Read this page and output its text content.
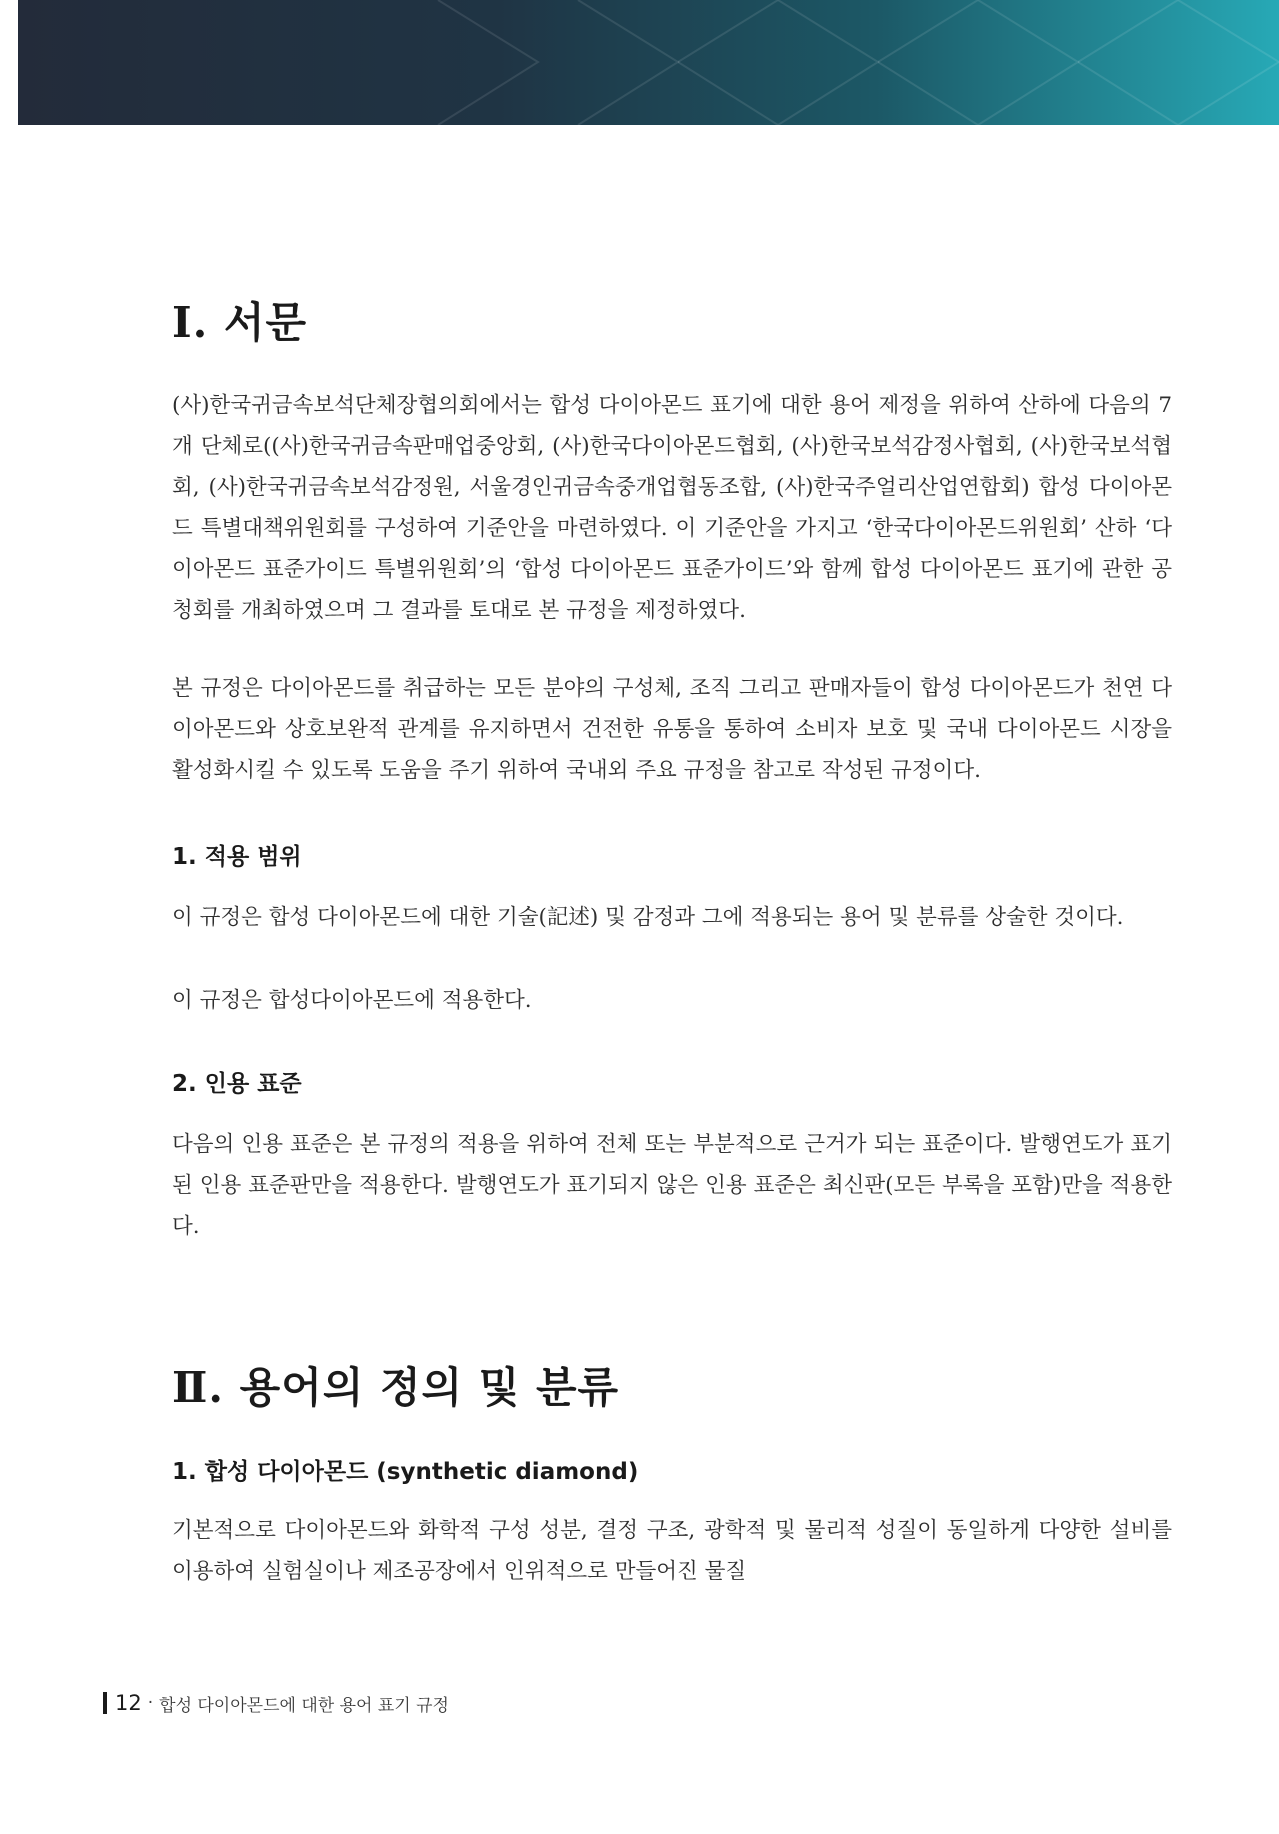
Ⅰ. 서문

(사)한국귀금속보석단체장협의회에서는 합성 다이아몬드 표기에 대한 용어 제정을 위하여 산하에 다음의 7개 단체로((사)한국귀금속판매업중앙회, (사)한국다이아몬드협회, (사)한국보석감정사협회, (사)한국보석협회, (사)한국귀금속보석감정원, 서울경인귀금속중개업협동조합, (사)한국주얼리산업연합회) 합성 다이아몬드 특별대책위원회를 구성하여 기준안을 마련하였다. 이 기준안을 가지고 ‘한국다이아몬드위원회’ 산하 ‘다이아몬드 표준가이드 특별위원회’의 ‘합성 다이아몬드 표준가이드’와 함께 합성 다이아몬드 표기에 관한 공청회를 개최하였으며 그 결과를 토대로 본 규정을 제정하였다.

본 규정은 다이아몬드를 취급하는 모든 분야의 구성체, 조직 그리고 판매자들이 합성 다이아몬드가 천연 다이아몬드와 상호보완적 관계를 유지하면서 건전한 유통을 통하여 소비자 보호 및 국내 다이아몬드 시장을 활성화시킬 수 있도록 도움을 주기 위하여 국내외 주요 규정을 참고로 작성된 규정이다.

1. 적용 범위

이 규정은 합성 다이아몬드에 대한 기술(記述) 및 감정과 그에 적용되는 용어 및 분류를 상술한 것이다.

이 규정은 합성다이아몬드에 적용한다.

2. 인용 표준

다음의 인용 표준은 본 규정의 적용을 위하여 전체 또는 부분적으로 근거가 되는 표준이다. 발행연도가 표기된 인용 표준판만을 적용한다. 발행연도가 표기되지 않은 인용 표준은 최신판(모든 부록을 포함)만을 적용한다.

Ⅱ. 용어의 정의 및 분류
1. 합성 다이아몬드 (synthetic diamond)

기본적으로 다이아몬드와 화학적 구성 성분, 결정 구조, 광학적 및 물리적 성질이 동일하게 다양한 설비를 이용하여 실험실이나 제조공장에서 인위적으로 만들어진 물질

12 · 합성 다이아몬드에 대한 용어 표기 규정
